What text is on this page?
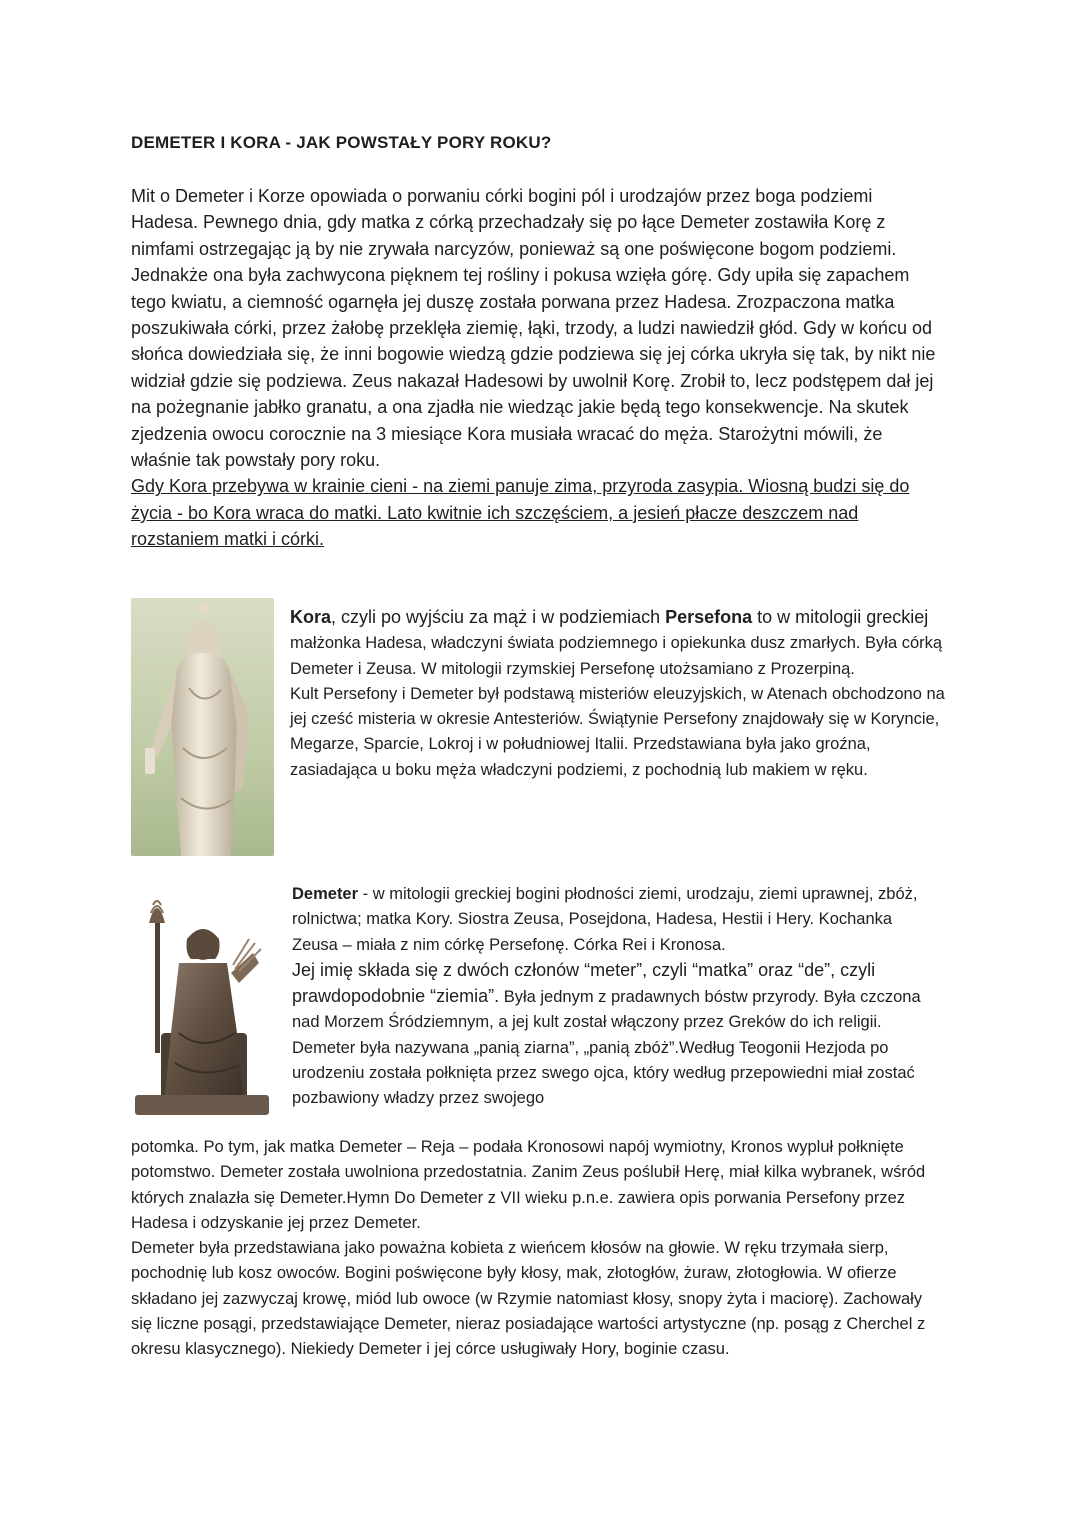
DEMETER I KORA - JAK POWSTAŁY PORY ROKU?

Mit o Demeter i Korze opowiada o porwaniu córki bogini pól i urodzajów przez boga podziemi Hadesa. Pewnego dnia, gdy matka z córką przechadzały się po łące Demeter zostawiła Korę z nimfami ostrzegając ją by nie zrywała narcyzów, ponieważ są one poświęcone bogom podziemi. Jednakże ona była zachwycona pięknem tej rośliny i pokusa wzięła górę. Gdy upiła się zapachem tego kwiatu, a ciemność ogarnęła jej duszę została porwana przez Hadesa. Zrozpaczona matka poszukiwała córki, przez żałobę przeklęła ziemię, łąki, trzody, a ludzi nawiedził głód. Gdy w końcu od słońca dowiedziała się, że inni bogowie wiedzą gdzie podziewa się jej córka ukryła się tak, by nikt nie widział gdzie się podziewa. Zeus nakazał Hadesowi by uwolnił Korę. Zrobił to, lecz podstępem dał jej na pożegnanie jabłko granatu, a ona zjadła nie wiedząc jakie będą tego konsekwencje. Na skutek zjedzenia owocu corocznie na 3 miesiące Kora musiała wracać do męża. Starożytni mówili, że właśnie tak powstały pory roku.
Gdy Kora przebywa w krainie cieni - na ziemi panuje zima, przyroda zasypia. Wiosną budzi się do życia - bo Kora wraca do matki. Lato kwitnie ich szczęściem, a jesień płacze deszczem nad rozstaniem matki i córki.

Kora, czyli po wyjściu za mąż i w podziemiach Persefona to w mitologii greckiej małżonka Hadesa, władczyni świata podziemnego i opiekunka dusz zmarłych. Była córką Demeter i Zeusa. W mitologii rzymskiej Persefonę utożsamiano z Prozerpiną.
Kult Persefony i Demeter był podstawą misteriów eleuzyjskich, w Atenach obchodzono na jej cześć misteria w okresie Antesteriów. Świątynie Persefony znajdowały się w Koryncie, Megarze, Sparcie, Lokroj i w południowej Italii. Przedstawiana była jako groźna, zasiadająca u boku męża władczyni podziemi, z pochodnią lub makiem w ręku.

Demeter - w mitologii greckiej bogini płodności ziemi, urodzaju, ziemi uprawnej, zbóż, rolnictwa; matka Kory. Siostra Zeusa, Posejdona, Hadesa, Hestii i Hery. Kochanka Zeusa – miała z nim córkę Persefonę. Córka Rei i Kronosa.
Jej imię składa się z dwóch członów “meter”, czyli “matka” oraz “de”, czyli prawdopodobnie “ziemia”. Była jednym z pradawnych bóstw przyrody. Była czczona nad Morzem Śródziemnym, a jej kult został włączony przez Greków do ich religii. Demeter była nazywana „panią ziarna”, „panią zbóż”.Według Teogonii Hezjoda po urodzeniu została połknięta przez swego ojca, który według przepowiedni miał zostać pozbawiony władzy przez swojego

potomka. Po tym, jak matka Demeter – Reja – podała Kronosowi napój wymiotny, Kronos wypluł połknięte potomstwo. Demeter została uwolniona przedostatnia. Zanim Zeus poślubił Herę, miał kilka wybranek, wśród których znalazła się Demeter.Hymn Do Demeter z VII wieku p.n.e. zawiera opis porwania Persefony przez Hadesa i odzyskanie jej przez Demeter.
Demeter była przedstawiana jako poważna kobieta z wieńcem kłosów na głowie. W ręku trzymała sierp, pochodnię lub kosz owoców. Bogini poświęcone były kłosy, mak, złotogłów, żuraw, złotogłowia. W ofierze składano jej zazwyczaj krowę, miód lub owoce (w Rzymie natomiast kłosy, snopy żyta i maciorę). Zachowały się liczne posągi, przedstawiające Demeter, nieraz posiadające wartości artystyczne (np. posąg z Cherchel z okresu klasycznego). Niekiedy Demeter i jej córce usługiwały Hory, boginie czasu.
